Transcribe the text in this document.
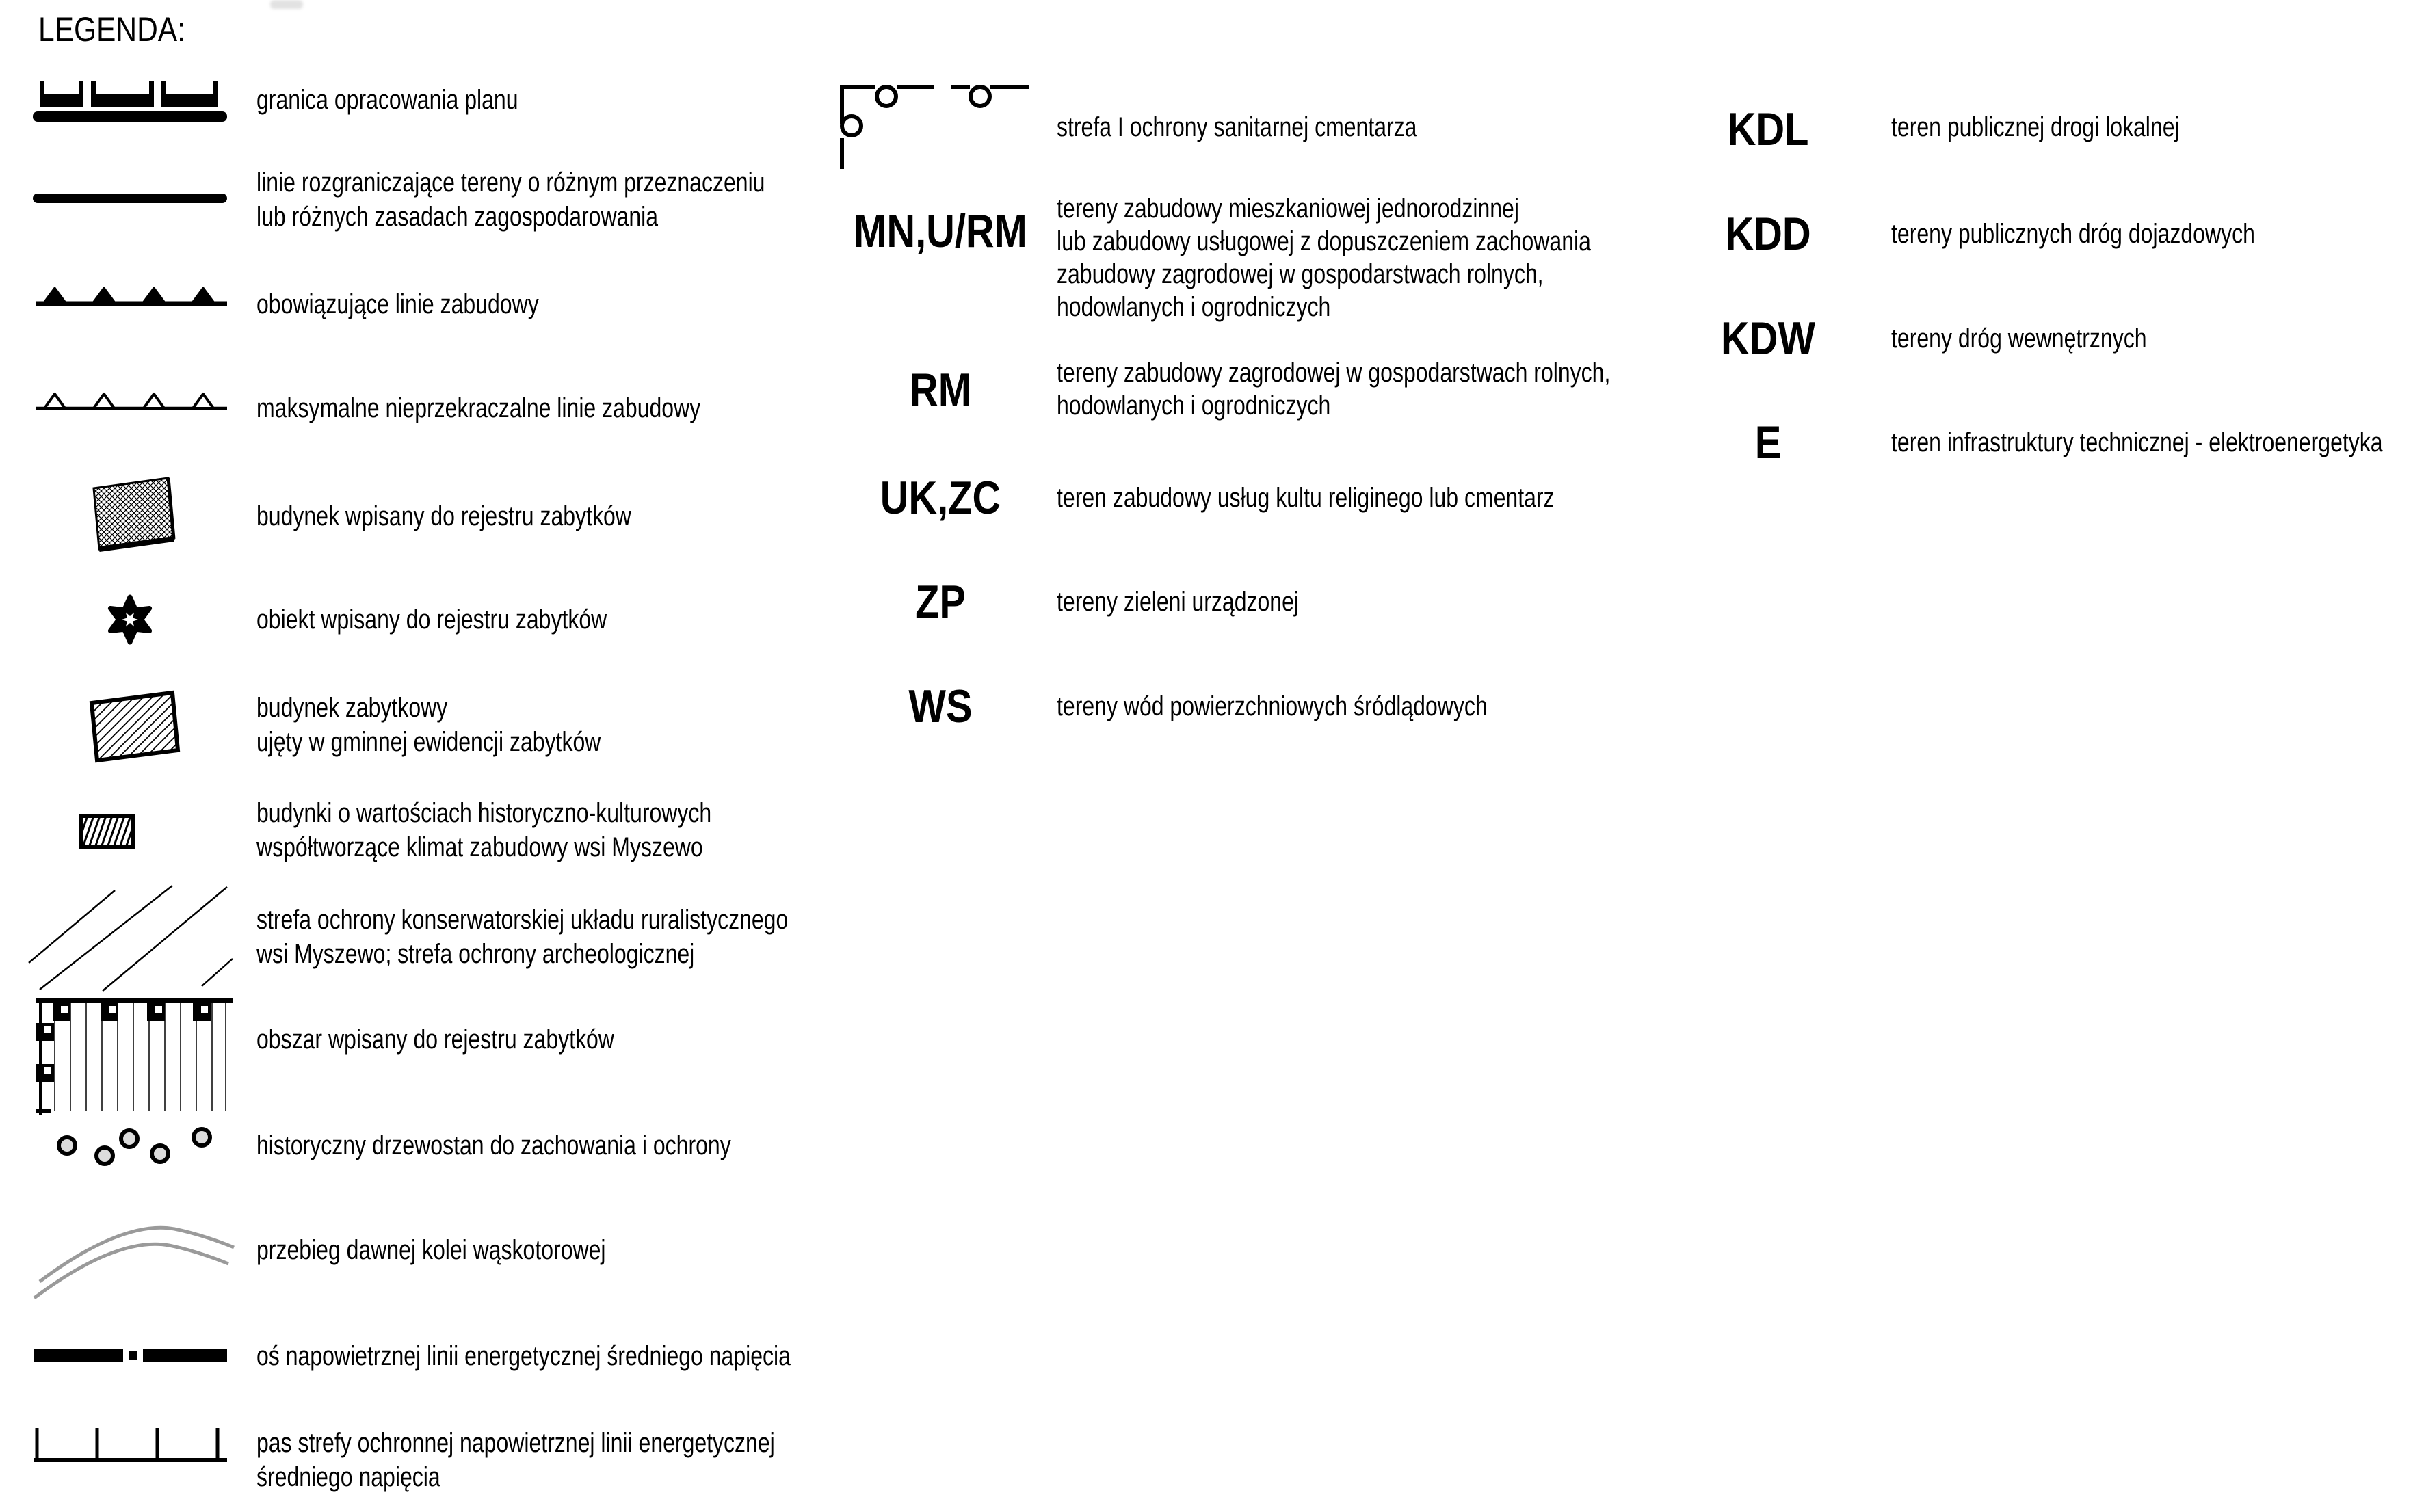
LEGENDA:
granica opracowania planu
linie rozgraniczające tereny o różnym przeznaczeniu
lub różnych zasadach zagospodarowania
obowiązujące linie zabudowy
maksymalne nieprzekraczalne linie zabudowy
budynek wpisany do rejestru zabytków
obiekt wpisany do rejestru zabytków
budynek zabytkowy
ujęty w gminnej ewidencji zabytków
budynki o wartościach historyczno-kulturowych
współtworzące klimat zabudowy wsi Myszewo
strefa ochrony konserwatorskiej układu ruralistycznego
wsi Myszewo; strefa ochrony archeologicznej
obszar wpisany do rejestru zabytków
historyczny drzewostan do zachowania i ochrony
przebieg dawnej kolei wąskotorowej
oś napowietrznej linii energetycznej średniego napięcia
pas strefy ochronnej napowietrznej linii energetycznej
średniego napięcia
MN,U/RM
RM
UK,ZC
ZP
WS
strefa I ochrony sanitarnej cmentarza
tereny zabudowy mieszkaniowej jednorodzinnej
lub zabudowy usługowej z dopuszczeniem zachowania
zabudowy zagrodowej w gospodarstwach rolnych,
hodowlanych i ogrodniczych
tereny zabudowy zagrodowej w gospodarstwach rolnych,
hodowlanych i ogrodniczych
teren zabudowy usług kultu religinego lub cmentarz
tereny zieleni urządzonej
tereny wód powierzchniowych śródlądowych
KDL
KDD
KDW
E
teren publicznej drogi lokalnej
tereny publicznych dróg dojazdowych
tereny dróg wewnętrznych
teren infrastruktury technicznej - elektroenergetyka
